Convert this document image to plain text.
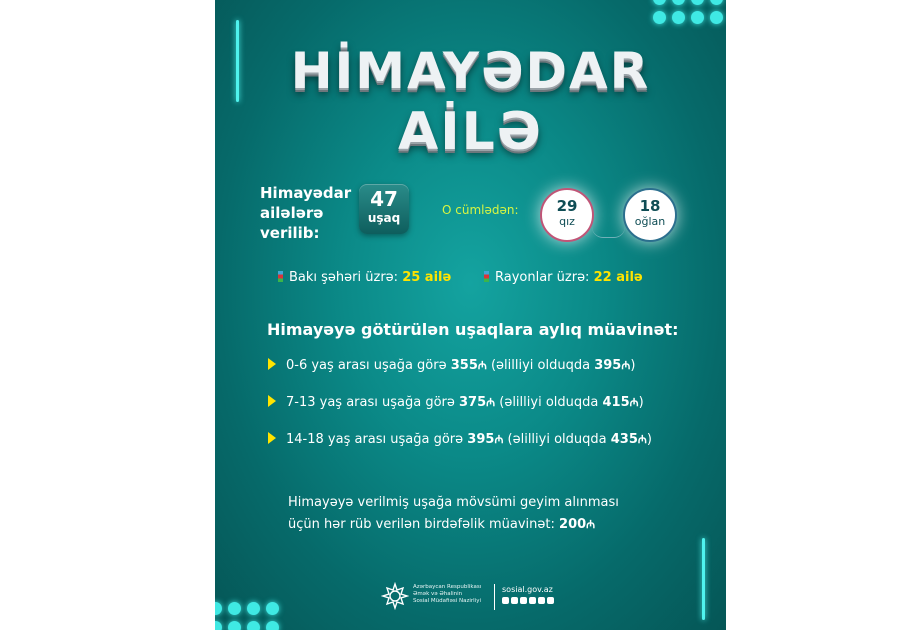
HİMAYƏDAR
AİLƏ
Himayədar ailələrə verilib:
47
uşaq
O cümlədən:	29
qız
18
oğlan
Bakı şəhəri üzrə: 25 ailə	Rayonlar üzrə: 22 ailə
Himayəyə götürülən uşaqlara aylıq müavinət:
0-6 yaş arası uşağa görə 355₼ (əlilliyi olduqda 395₼)
7-13 yaş arası uşağa görə 375₼ (əlilliyi olduqda 415₼)
14-18 yaş arası uşağa görə 395₼ (əlilliyi olduqda 435₼)
Himayəyə verilmiş uşağa mövsümi geyim alınması
üçün hər rüb verilən birdəfəlik müavinət: 200₼
Azərbaycan Respublikası
Əmək və Əhalinin
Sosial Müdafiəsi Nazirliyi
sosial.gov.az
